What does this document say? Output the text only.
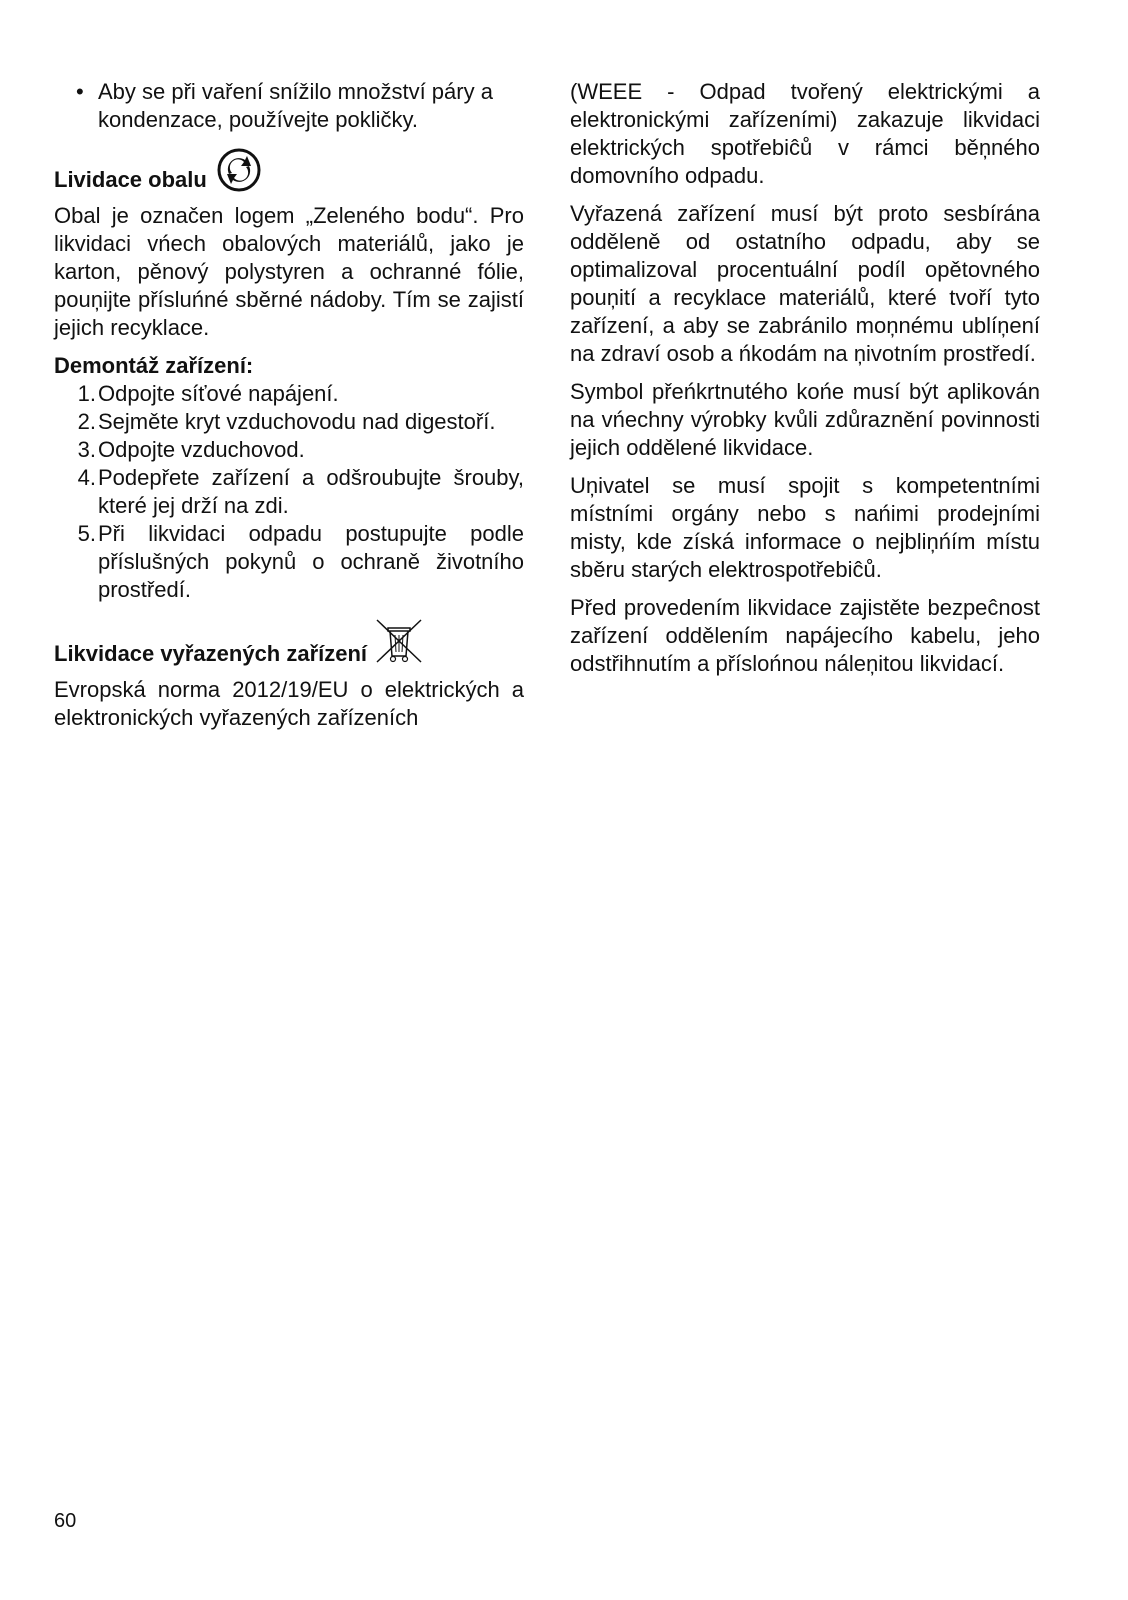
• Aby se při vaření snížilo množství páry a kondenzace, používejte pokličky.
Lividace obalu

Obal je označen logem „Zeleného bodu“. Pro likvidaci vńech obalových materiálů, jako je karton, pěnový polystyren a ochranné fólie, pouņijte přísluńné sběrné nádoby. Tím se zajistí jejich recyklace.

Demontáž zařízení:
1. Odpojte síťové napájení.
2. Sejměte kryt vzduchovodu nad digestoří.
3. Odpojte vzduchovod.
4. Podepřete zařízení a odšroubujte šrouby, které jej drží na zdi.
5. Při likvidaci odpadu postupujte podle příslušných pokynů o ochraně životního prostředí.
Likvidace vyřazených zařízení

Evropská norma 2012/19/EU o elektrických a elektronických vyřazených zařízeních

(WEEE - Odpad tvořený elektrickými a elektronickými zařízeními) zakazuje likvidaci elektrických spotřebiĉů v rámci běņného domovního odpadu.

Vyřazená zařízení musí být proto sesbírána odděleně od ostatního odpadu, aby se optimalizoval procentuální podíl opětovného pouņití a recyklace materiálů, které tvoří tyto zařízení, a aby se zabránilo moņnému ublíņení na zdraví osob a ńkodám na ņivotním prostředí.

Symbol přeńkrtnutého końe musí být aplikován na vńechny výrobky kvůli zdůraznění povinnosti jejich oddělené likvidace.

Uņivatel se musí spojit s kompetentními místními orgány nebo s nańimi prodejními misty, kde získá informace o nejbliņńím místu sběru starých elektrospotřebiĉů.

Před provedením likvidace zajistěte bezpeĉnost zařízení oddělením napájecího kabelu, jeho odstřihnutím a příslońnou náleņitou likvidací.

60
